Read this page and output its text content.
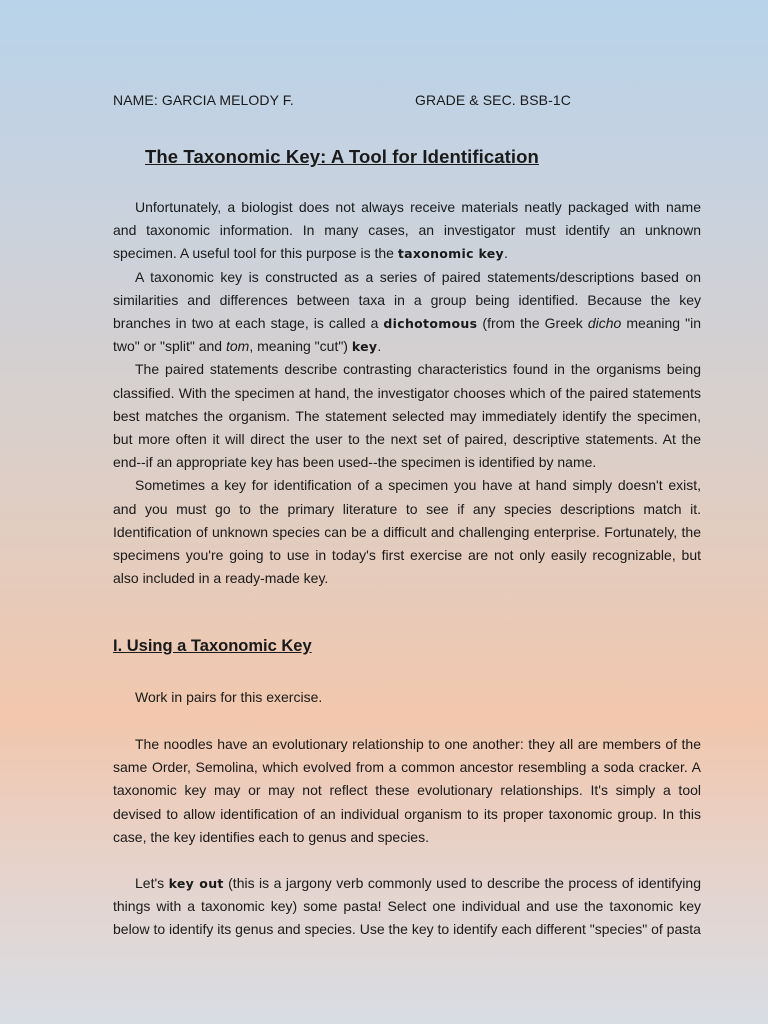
NAME: GARCIA MELODY F.	GRADE & SEC. BSB-1C
The Taxonomic Key: A Tool for Identification

Unfortunately, a biologist does not always receive materials neatly packaged with name and taxonomic information. In many cases, an investigator must identify an unknown specimen. A useful tool for this purpose is the taxonomic key.

A taxonomic key is constructed as a series of paired statements/descriptions based on similarities and differences between taxa in a group being identified. Because the key branches in two at each stage, is called a dichotomous (from the Greek dicho meaning "in two" or "split" and tom, meaning "cut") key.

The paired statements describe contrasting characteristics found in the organisms being classified. With the specimen at hand, the investigator chooses which of the paired statements best matches the organism. The statement selected may immediately identify the specimen, but more often it will direct the user to the next set of paired, descriptive statements. At the end--if an appropriate key has been used--the specimen is identified by name.

Sometimes a key for identification of a specimen you have at hand simply doesn't exist, and you must go to the primary literature to see if any species descriptions match it. Identification of unknown species can be a difficult and challenging enterprise. Fortunately, the specimens you're going to use in today's first exercise are not only easily recognizable, but also included in a ready-made key.

I. Using a Taxonomic Key

Work in pairs for this exercise.

The noodles have an evolutionary relationship to one another: they all are members of the same Order, Semolina, which evolved from a common ancestor resembling a soda cracker. A taxonomic key may or may not reflect these evolutionary relationships. It's simply a tool devised to allow identification of an individual organism to its proper taxonomic group. In this case, the key identifies each to genus and species.

Let's key out (this is a jargony verb commonly used to describe the process of identifying things with a taxonomic key) some pasta! Select one individual and use the taxonomic key below to identify its genus and species. Use the key to identify each different "species" of pasta
